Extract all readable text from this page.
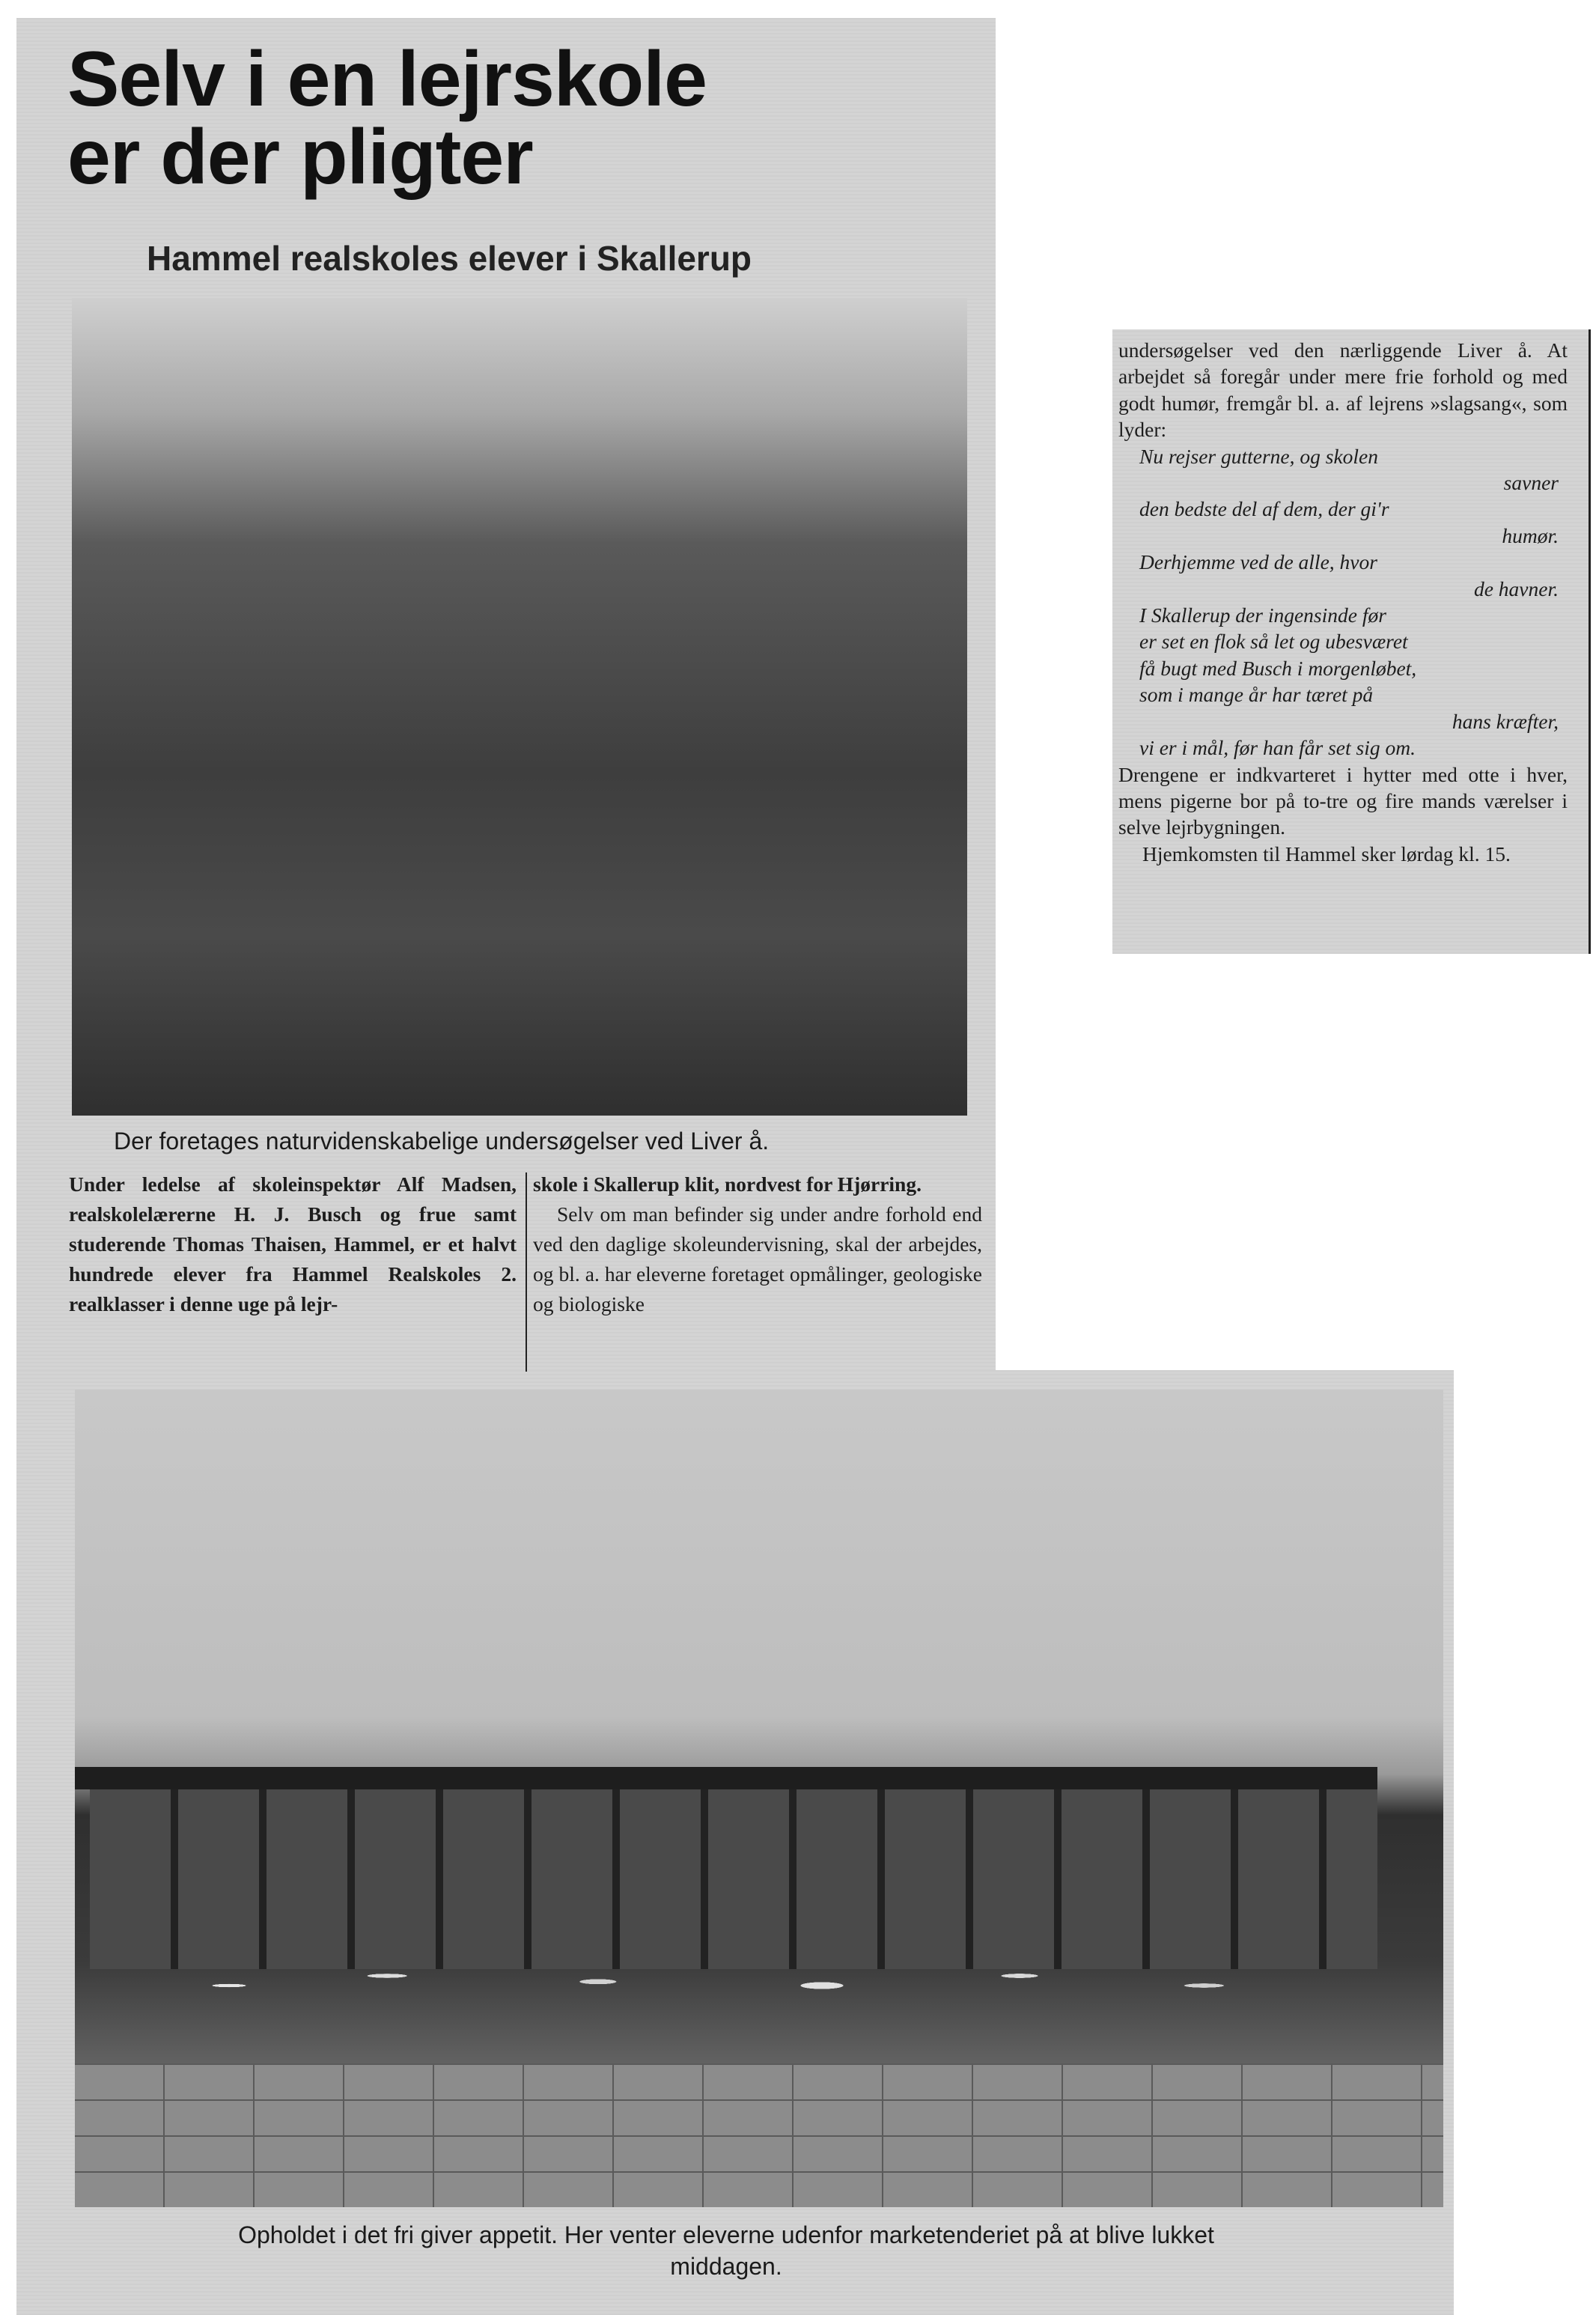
Selv i en lejrskole
er der pligter
Hammel realskoles elever i Skallerup

Der foretages naturvidenskabelige undersøgelser ved Liver å.

Under ledelse af skoleinspektør Alf Madsen, realskolelærerne H. J. Busch og frue samt studerende Thomas Thaisen, Hammel, er et halvt hundrede elever fra Hammel Realskoles 2. realklasser i denne uge på lejr-

skole i Skallerup klit, nordvest for Hjørring.

Selv om man befinder sig under andre forhold end ved den daglige skoleundervisning, skal der arbejdes, og bl. a. har eleverne foretaget opmålinger, geologiske og biologiske

Opholdet i det fri giver appetit. Her venter eleverne udenfor marketenderiet på at blive lukket
middagen.

undersøgelser ved den nærliggende Liver å. At arbejdet så foregår under mere frie forhold og med godt humør, fremgår bl. a. af lejrens »slagsang«, som lyder:

Nu rejser gutterne, og skolen

savner

den bedste del af dem, der gi'r

humør.

Derhjemme ved de alle, hvor

de havner.

I Skallerup der ingensinde før

er set en flok så let og ubesværet

få bugt med Busch i morgenløbet,

som i mange år har tæret på

hans kræfter,

vi er i mål, før han får set sig om.

Drengene er indkvarteret i hytter med otte i hver, mens pigerne bor på to-tre og fire mands værelser i selve lejrbygningen.

Hjemkomsten til Hammel sker lørdag kl. 15.
